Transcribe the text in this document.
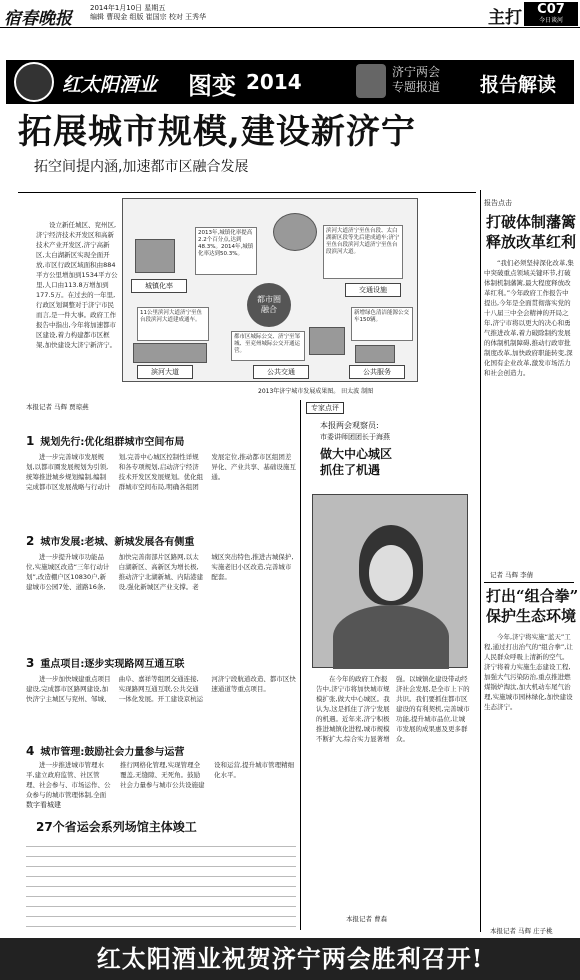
宿春晚报
2014年1月10日 星期五
编辑 曹现金 组版 崔国宗 校对 王秀华	主打	C07
今日谈河
红太阳酒业 图变 2014	济宁两会
专题报道 报告解读
拓展城市规模,建设新济宁
拓空间提内涵,加速都市区融合发展

设立新任城区、兖州区,济宁经济技术开发区和高新技术产业开发区,济宁高新区,太白湖新区实现全面开放,市区行政区域面积由884平方公里增加到1534平方公里,人口由113.8万增加到177.5万。在过去的一年里,行政区划调整对于济宁市民而言,是一件大事。政府工作报告中指出,今年将加速都市区建设,着力构建都市区框架,加快建设大济宁新济宁。

城镇化率
2013年,城镇化率提高2.2个百分点,达到48.3%。2014年,城镇化率达到50.3%。
滨河大道济宁至鱼台段、太白湖新区段等先后建成通车;济宁至鱼台段滨河大道济宁至鱼台段滨河大道。
交通设施
都市圈
融合
11公里滨河大道济宁至鱼台段滨河大道建成通车。
滨河大道
都市区城际公交、济宁至邹城、至兖州城际公交开通运营。
公共交通
新增绿色清洁能源公交车150辆。
公共服务
2013年济宁城市发展成果图。 田太波 制图
本报记者 马辉 贾琼燕
1 规划先行:优化组群城市空间布局

进一步完善城市发展规划,以都市圈发展规划为引领,统筹推进城乡规划编制,编制完成都市区发展战略与行动计划,完善中心城区控制性详规和各专项规划,启动济宁经济技术开发区发展规划。优化组群城市空间布局,明确各组团发展定位,推动都市区组团差异化、产业共享、基础设施互通。

2 城市发展:老城、新城发展各有侧重

进一步提升城市功能品位,实施城区改造“三年行动计划”,改造棚户区10830户,新建城市公园7处、道路16条,加快完善南部片区路网,以太白湖新区、高新区为增长极,推动济宁北湖新城、内陆港建设,强化新城区产业支撑。老城区突出特色,推进古城保护,实施老旧小区改造,完善城市配套。

3 重点项目:逐步实现路网互通互联

进一步加快城建重点项目建设,完成都市区路网建设,加快济宁主城区与兖州、邹城、曲阜、嘉祥等组团交通连接,实现路网互通互联,公共交通一体化发展。开工建设京杭运河济宁段航道改造、都市区快速通道等重点项目。

4 城市管理:鼓励社会力量参与运营

进一步推进城市管理水平,建立政府监管、社区管理、社会参与、市场运作、公众参与的城市管理体制,全面推行网格化管理,实现管理全覆盖,无缝隙、无死角。鼓励社会力量参与城市公共设施建设和运营,提升城市管理精细化水平。

数字看城建
27个省运会系列场馆主体竣工
专家点评
本报两会观察员:
市委讲师团团长于海燕
做大中心城区
抓住了机遇

在今年的政府工作报告中,济宁市将加快城市规模扩张,做大中心城区。我认为,这是抓住了济宁发展的机遇。近年来,济宁积极推进城镇化进程,城市规模不断扩大,综合实力显著增强。以城镇化建设带动经济社会发展,是全市上下的共识。我们要抓住都市区建设的有利契机,完善城市功能,提升城市品位,让城市发展的成果惠及更多群众。

本报记者 曹森
报告点击
打破体制藩篱
释放改革红利

“我们必须坚持深化改革,集中突破重点领域关键环节,打破体制机制藩篱,最大程度释放改革红利。”今年政府工作报告中提出,今年是全面贯彻落实党的十八届三中全会精神的开局之年,济宁市将以更大的决心和勇气推进改革,着力破除制约发展的体制机制障碍,推动行政审批制度改革,加快政府职能转变,深化国有企业改革,激发市场活力和社会创造力。

记者 马辉 李倩
打出“组合拳”
保护生态环境

今年,济宁将实施“蓝天”工程,通过打出治气的“组合拳”,让人民群众呼吸上清新的空气。济宁将着力实施生态建设工程,加强大气污染防治,重点推进燃煤锅炉淘汰,加大机动车尾气治理,实施城市园林绿化,加快建设生态济宁。

本报记者 马辉 庄子桃
红太阳酒业祝贺济宁两会胜利召开!
